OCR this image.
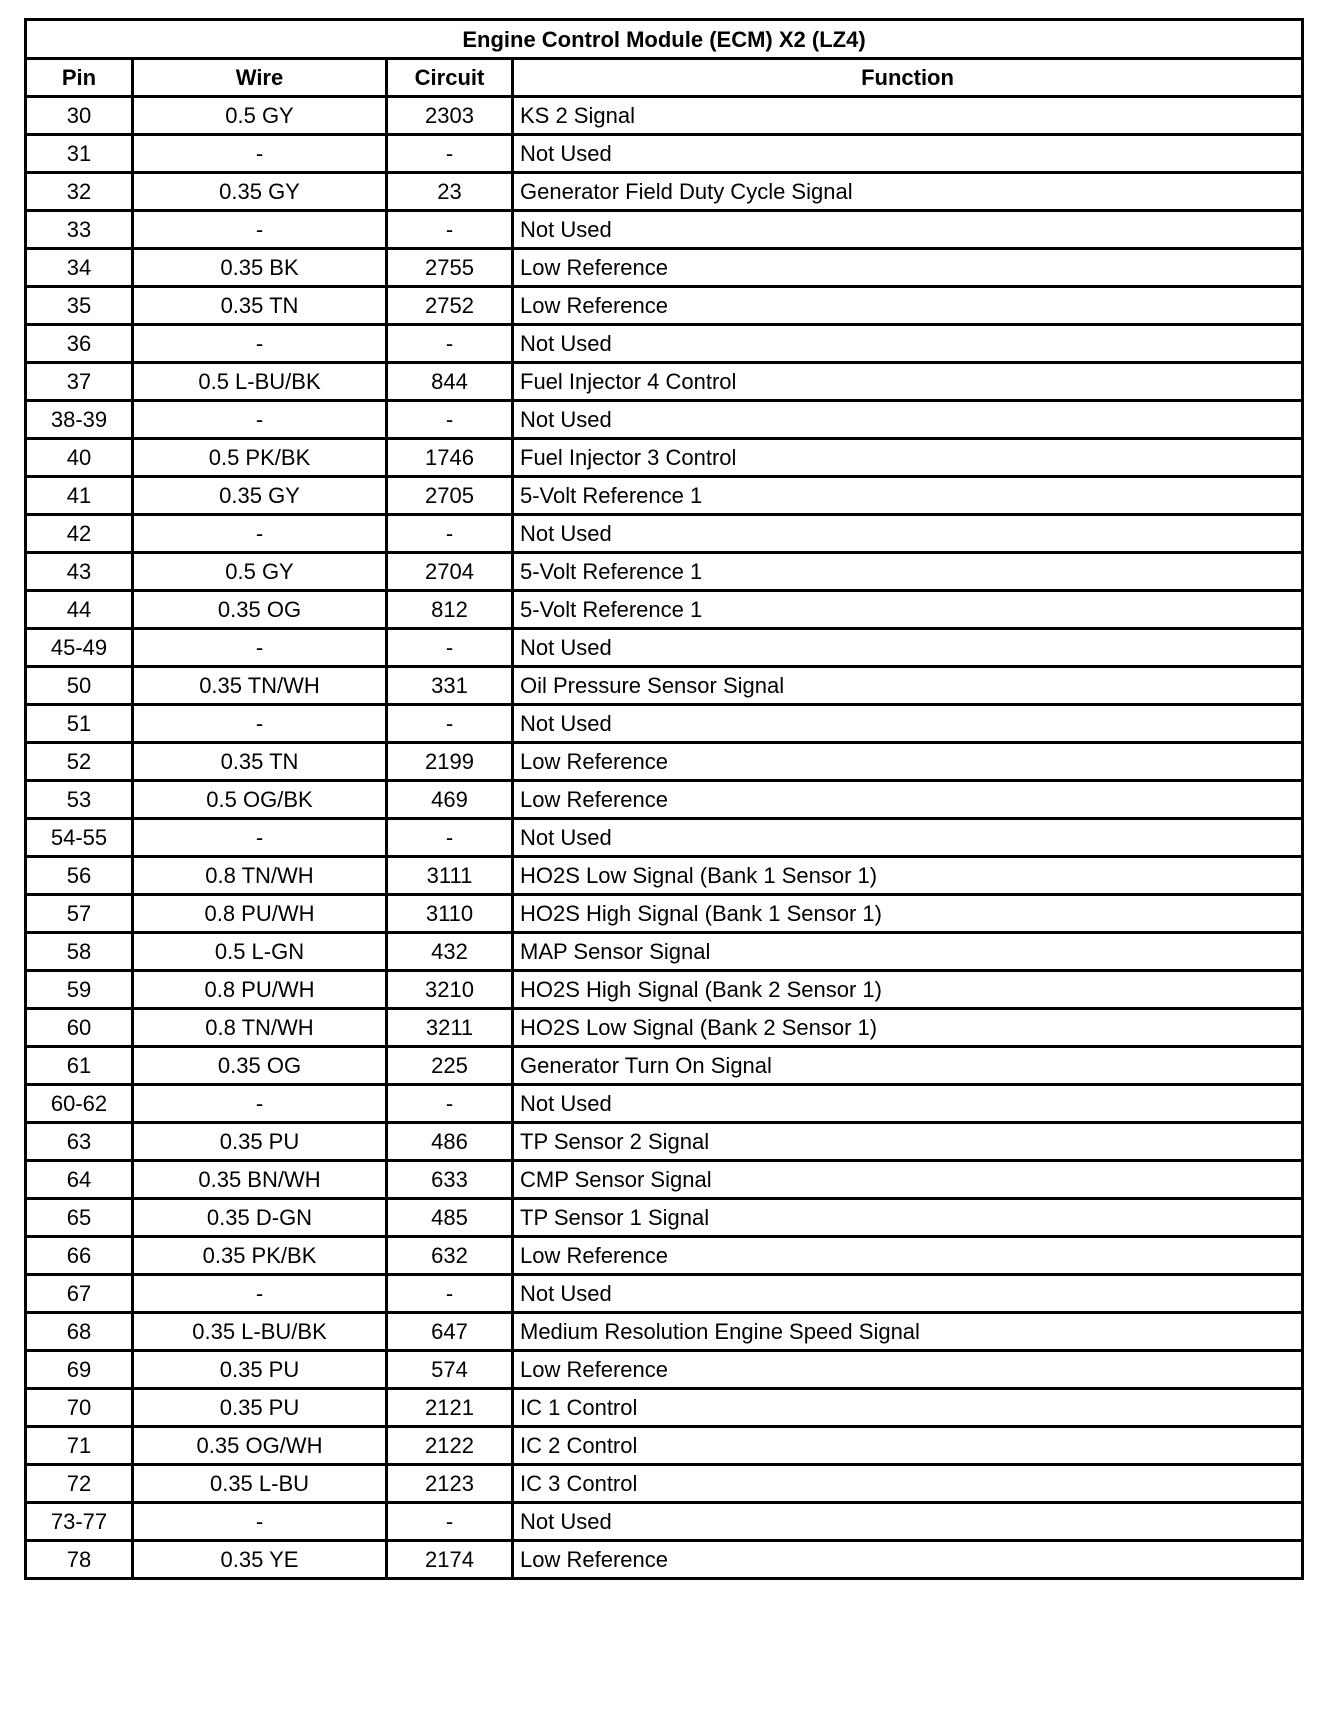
Engine Control Module (ECM) X2 (LZ4)			
Pin	Wire	Circuit	Function
30	0.5 GY	2303	KS 2 Signal
31	-	-	Not Used
32	0.35 GY	23	Generator Field Duty Cycle Signal
33	-	-	Not Used
34	0.35 BK	2755	Low Reference
35	0.35 TN	2752	Low Reference
36	-	-	Not Used
37	0.5 L-BU/BK	844	Fuel Injector 4 Control
38-39	-	-	Not Used
40	0.5 PK/BK	1746	Fuel Injector 3 Control
41	0.35 GY	2705	5-Volt Reference 1
42	-	-	Not Used
43	0.5 GY	2704	5-Volt Reference 1
44	0.35 OG	812	5-Volt Reference 1
45-49	-	-	Not Used
50	0.35 TN/WH	331	Oil Pressure Sensor Signal
51	-	-	Not Used
52	0.35 TN	2199	Low Reference
53	0.5 OG/BK	469	Low Reference
54-55	-	-	Not Used
56	0.8 TN/WH	3111	HO2S Low Signal (Bank 1 Sensor 1)
57	0.8 PU/WH	3110	HO2S High Signal (Bank 1 Sensor 1)
58	0.5 L-GN	432	MAP Sensor Signal
59	0.8 PU/WH	3210	HO2S High Signal (Bank 2 Sensor 1)
60	0.8 TN/WH	3211	HO2S Low Signal (Bank 2 Sensor 1)
61	0.35 OG	225	Generator Turn On Signal
60-62	-	-	Not Used
63	0.35 PU	486	TP Sensor 2 Signal
64	0.35 BN/WH	633	CMP Sensor Signal
65	0.35 D-GN	485	TP Sensor 1 Signal
66	0.35 PK/BK	632	Low Reference
67	-	-	Not Used
68	0.35 L-BU/BK	647	Medium Resolution Engine Speed Signal
69	0.35 PU	574	Low Reference
70	0.35 PU	2121	IC 1 Control
71	0.35 OG/WH	2122	IC 2 Control
72	0.35 L-BU	2123	IC 3 Control
73-77	-	-	Not Used
78	0.35 YE	2174	Low Reference
